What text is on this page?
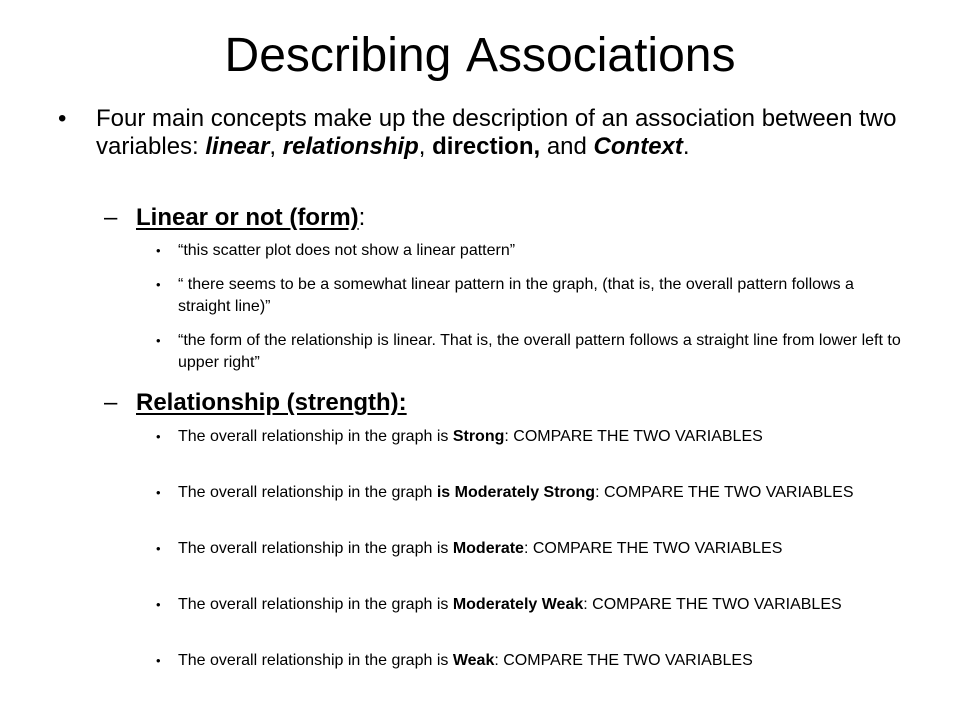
Describing Associations
•	Four main concepts make up the description of an association between two variables: linear, relationship, direction, and Context.
– Linear or not (form):
•	“this scatter plot does not show a linear pattern”
•	“ there seems to be a somewhat linear pattern in the graph, (that is, the overall pattern follows a straight line)”
•	“the form of the relationship is linear. That is, the overall pattern follows a straight line from lower left to upper right”
– Relationship (strength):
•	The overall relationship in the graph is Strong: COMPARE THE TWO VARIABLES
•	The overall relationship in the graph is Moderately Strong: COMPARE THE TWO VARIABLES
•	The overall relationship in the graph is Moderate: COMPARE THE TWO VARIABLES
•	The overall relationship in the graph is Moderately Weak: COMPARE THE TWO VARIABLES
•	The overall relationship in the graph is Weak: COMPARE THE TWO VARIABLES
